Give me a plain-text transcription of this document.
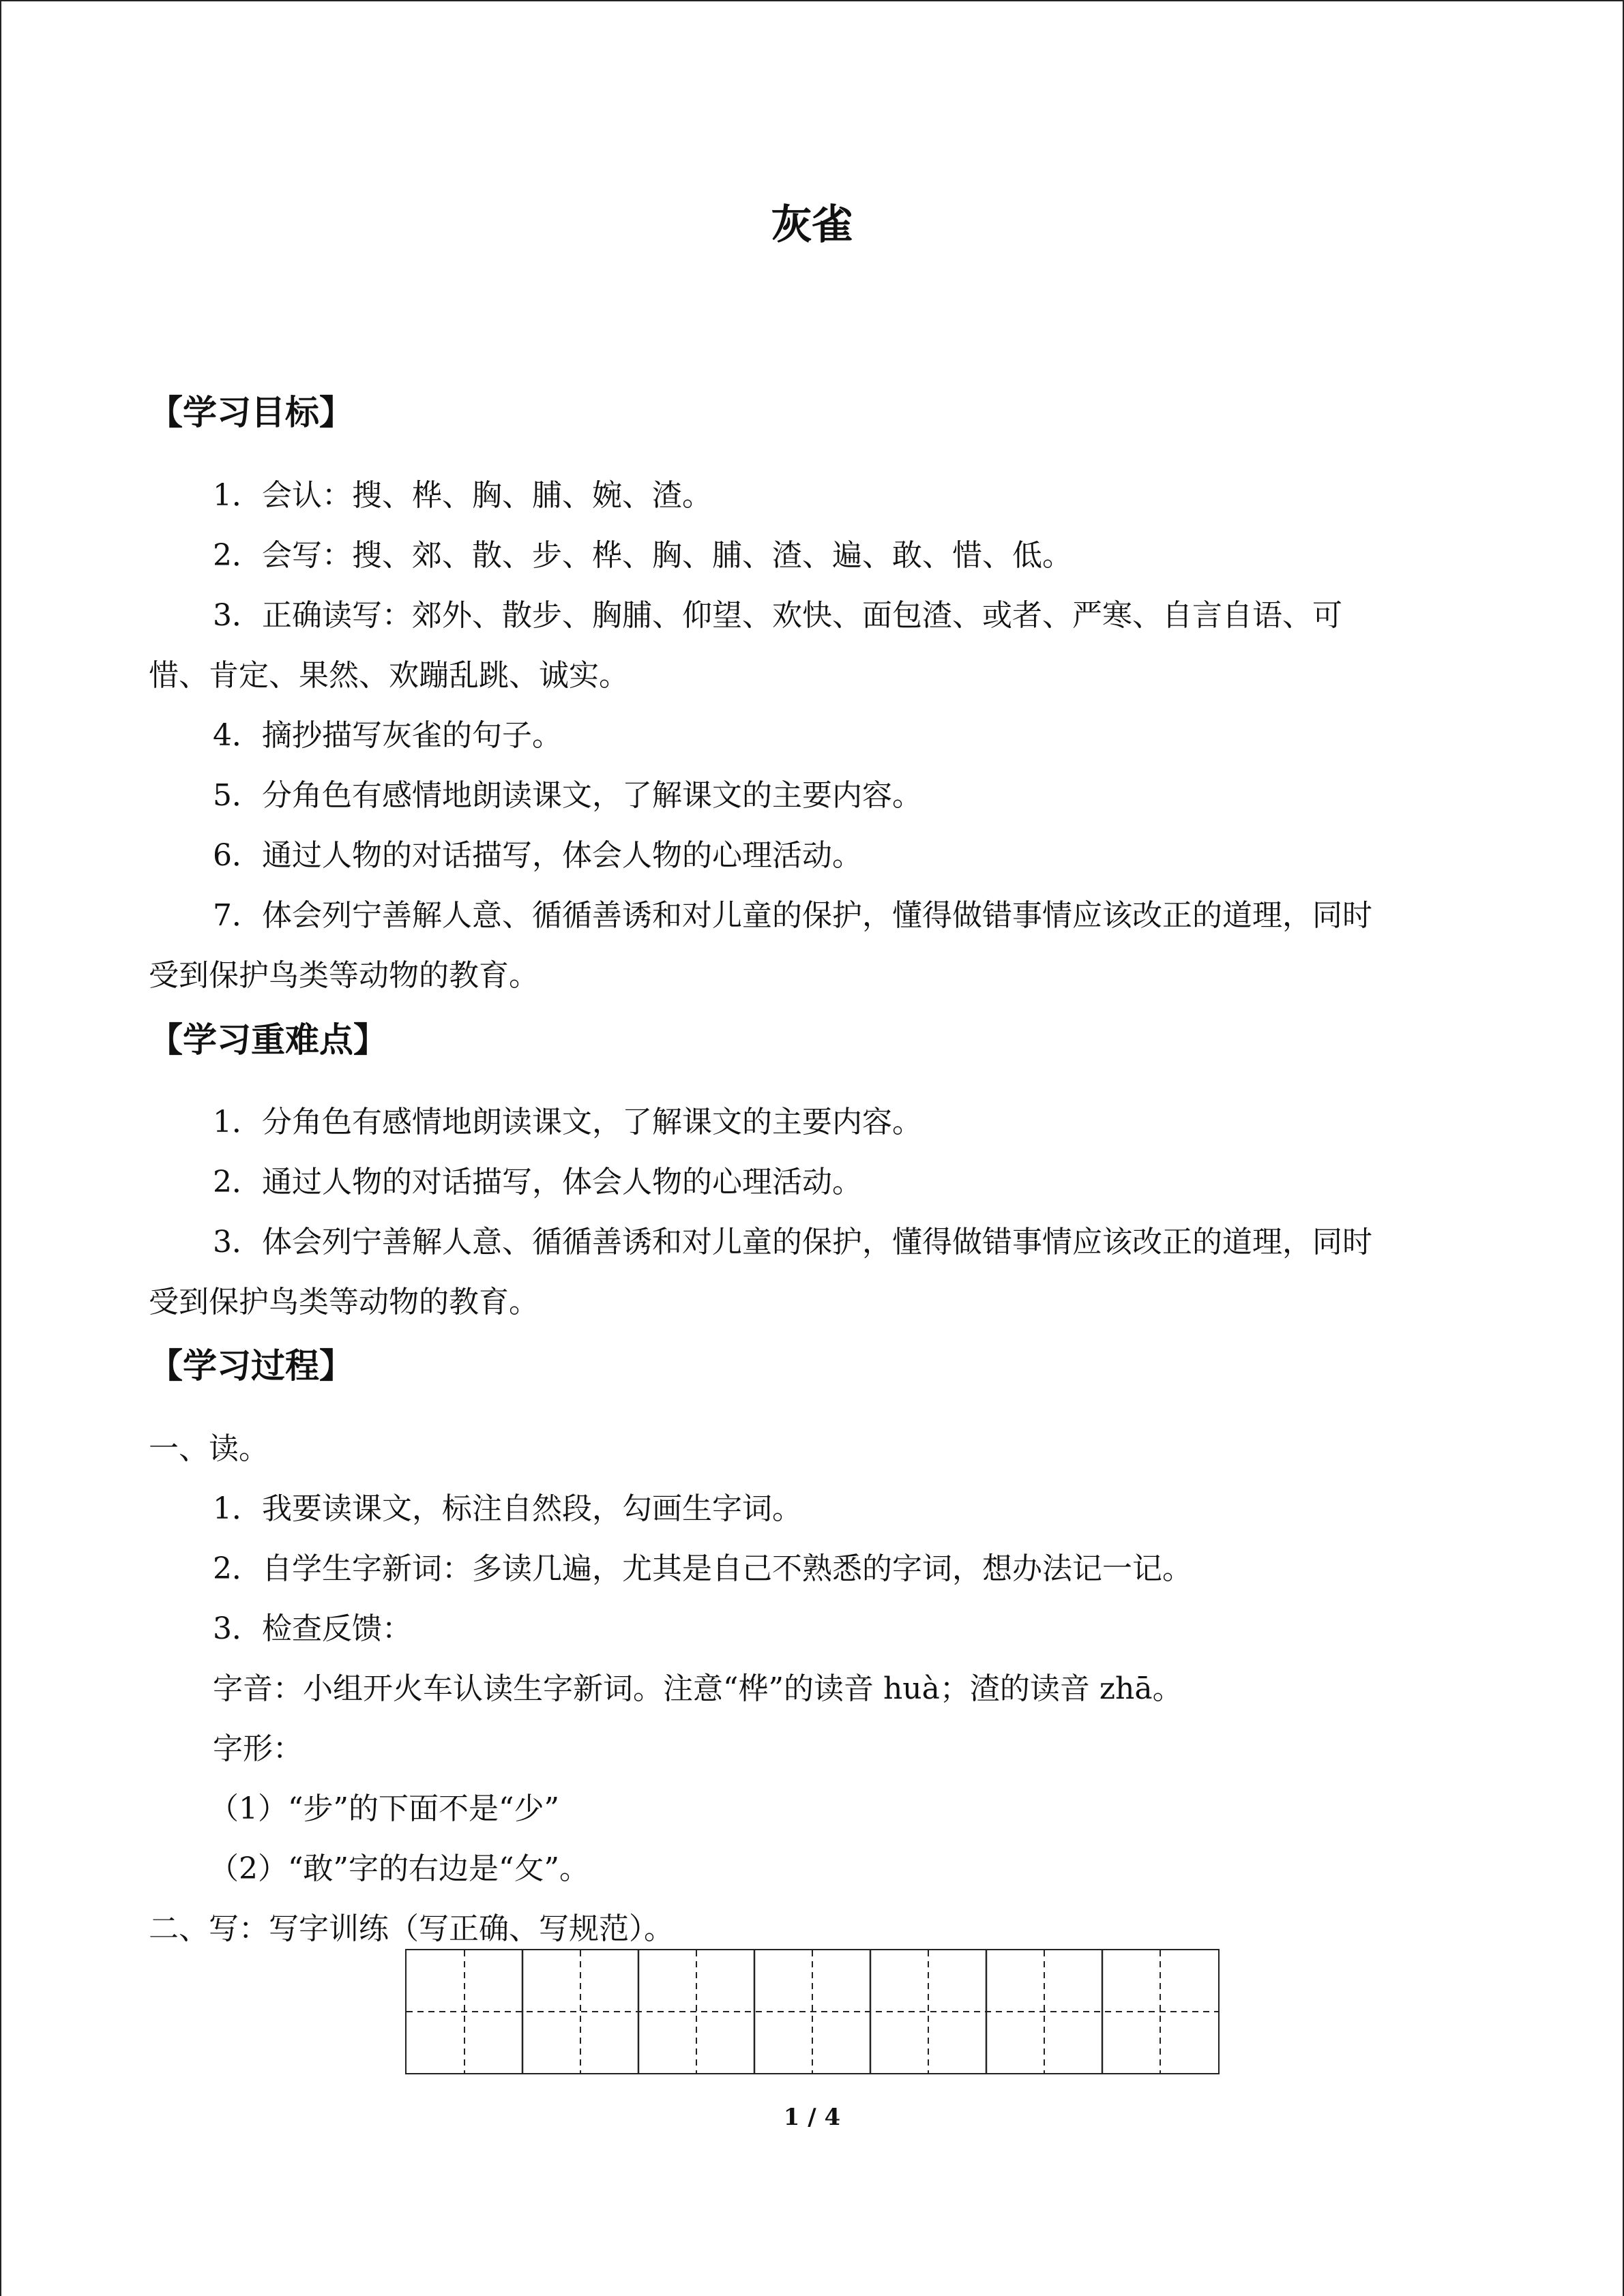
灰雀
【学习目标】
1．会认：搜、桦、胸、脯、婉、渣。
2．会写：搜、郊、散、步、桦、胸、脯、渣、遍、敢、惜、低。
3．正确读写：郊外、散步、胸脯、仰望、欢快、面包渣、或者、严寒、自言自语、可
惜、肯定、果然、欢蹦乱跳、诚实。
4．摘抄描写灰雀的句子。
5．分角色有感情地朗读课文，了解课文的主要内容。
6．通过人物的对话描写，体会人物的心理活动。
7．体会列宁善解人意、循循善诱和对儿童的保护，懂得做错事情应该改正的道理，同时
受到保护鸟类等动物的教育。
【学习重难点】
1．分角色有感情地朗读课文，了解课文的主要内容。
2．通过人物的对话描写，体会人物的心理活动。
3．体会列宁善解人意、循循善诱和对儿童的保护，懂得做错事情应该改正的道理，同时
受到保护鸟类等动物的教育。
【学习过程】
一、读。
1．我要读课文，标注自然段，勾画生字词。
2．自学生字新词：多读几遍，尤其是自己不熟悉的字词，想办法记一记。
3．检查反馈：
字音：小组开火车认读生字新词。注意“桦”的读音 huà；渣的读音 zhā。
字形：
（1）“步”的下面不是“少”
（2）“敢”字的右边是“攵”。
二、写：写字训练（写正确、写规范）。
1 / 4
